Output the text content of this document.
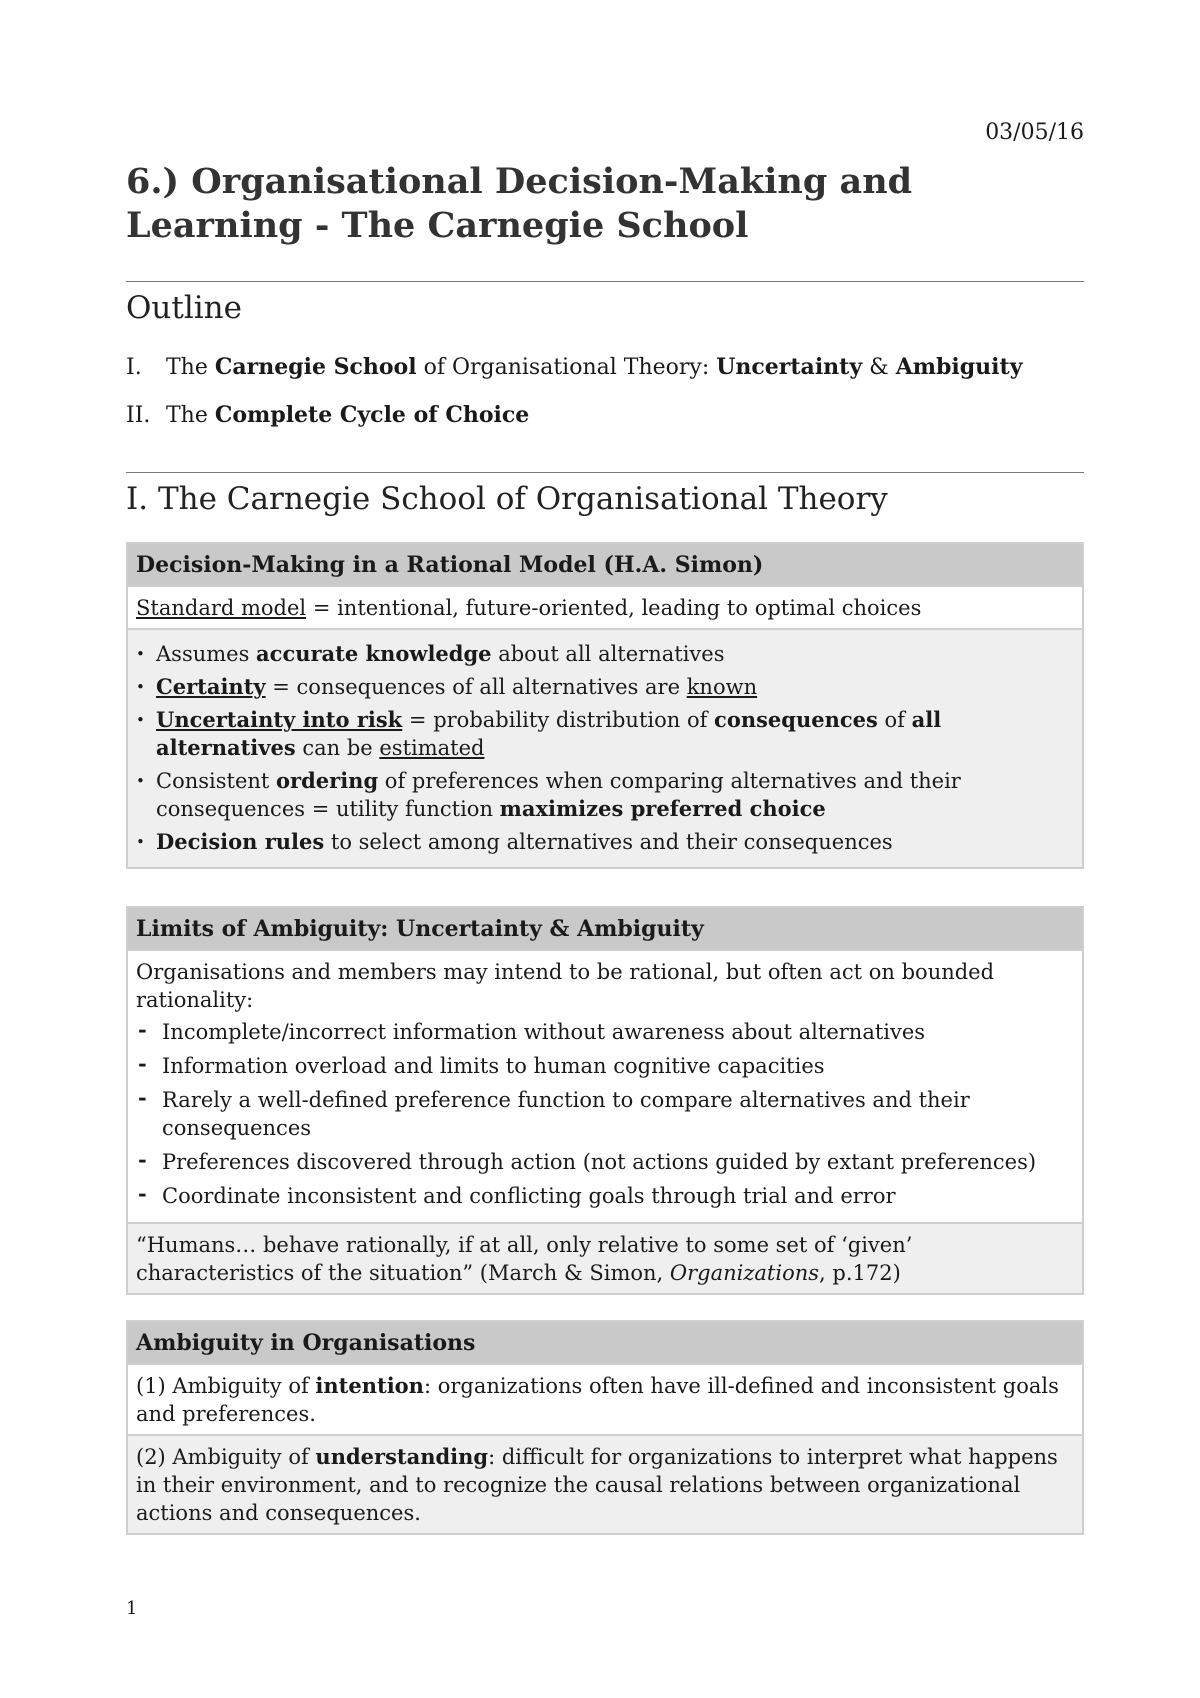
03/05/16
6.) Organisational Decision-Making and Learning - The Carnegie School
Outline
I. The Carnegie School of Organisational Theory: Uncertainty & Ambiguity
II. The Complete Cycle of Choice
I. The Carnegie School of Organisational Theory
Decision-Making in a Rational Model (H.A. Simon)
Standard model = intentional, future-oriented, leading to optimal choices

• Assumes accurate knowledge about all alternatives
• Certainty = consequences of all alternatives are known
• Uncertainty into risk = probability distribution of consequences of all alternatives can be estimated
• Consistent ordering of preferences when comparing alternatives and their consequences = utility function maximizes preferred choice
• Decision rules to select among alternatives and their consequences
Limits of Ambiguity: Uncertainty & Ambiguity

Organisations and members may intend to be rational, but often act on bounded rationality:
- Incomplete/incorrect information without awareness about alternatives
- Information overload and limits to human cognitive capacities
- Rarely a well-defined preference function to compare alternatives and their consequences
- Preferences discovered through action (not actions guided by extant preferences)
- Coordinate inconsistent and conflicting goals through trial and error

“Humans… behave rationally, if at all, only relative to some set of ‘given’ characteristics of the situation” (March & Simon, Organizations, p.172)
Ambiguity in Organisations
(1) Ambiguity of intention: organizations often have ill-defined and inconsistent goals and preferences.
(2) Ambiguity of understanding: difficult for organizations to interpret what happens in their environment, and to recognize the causal relations between organizational actions and consequences.
1
